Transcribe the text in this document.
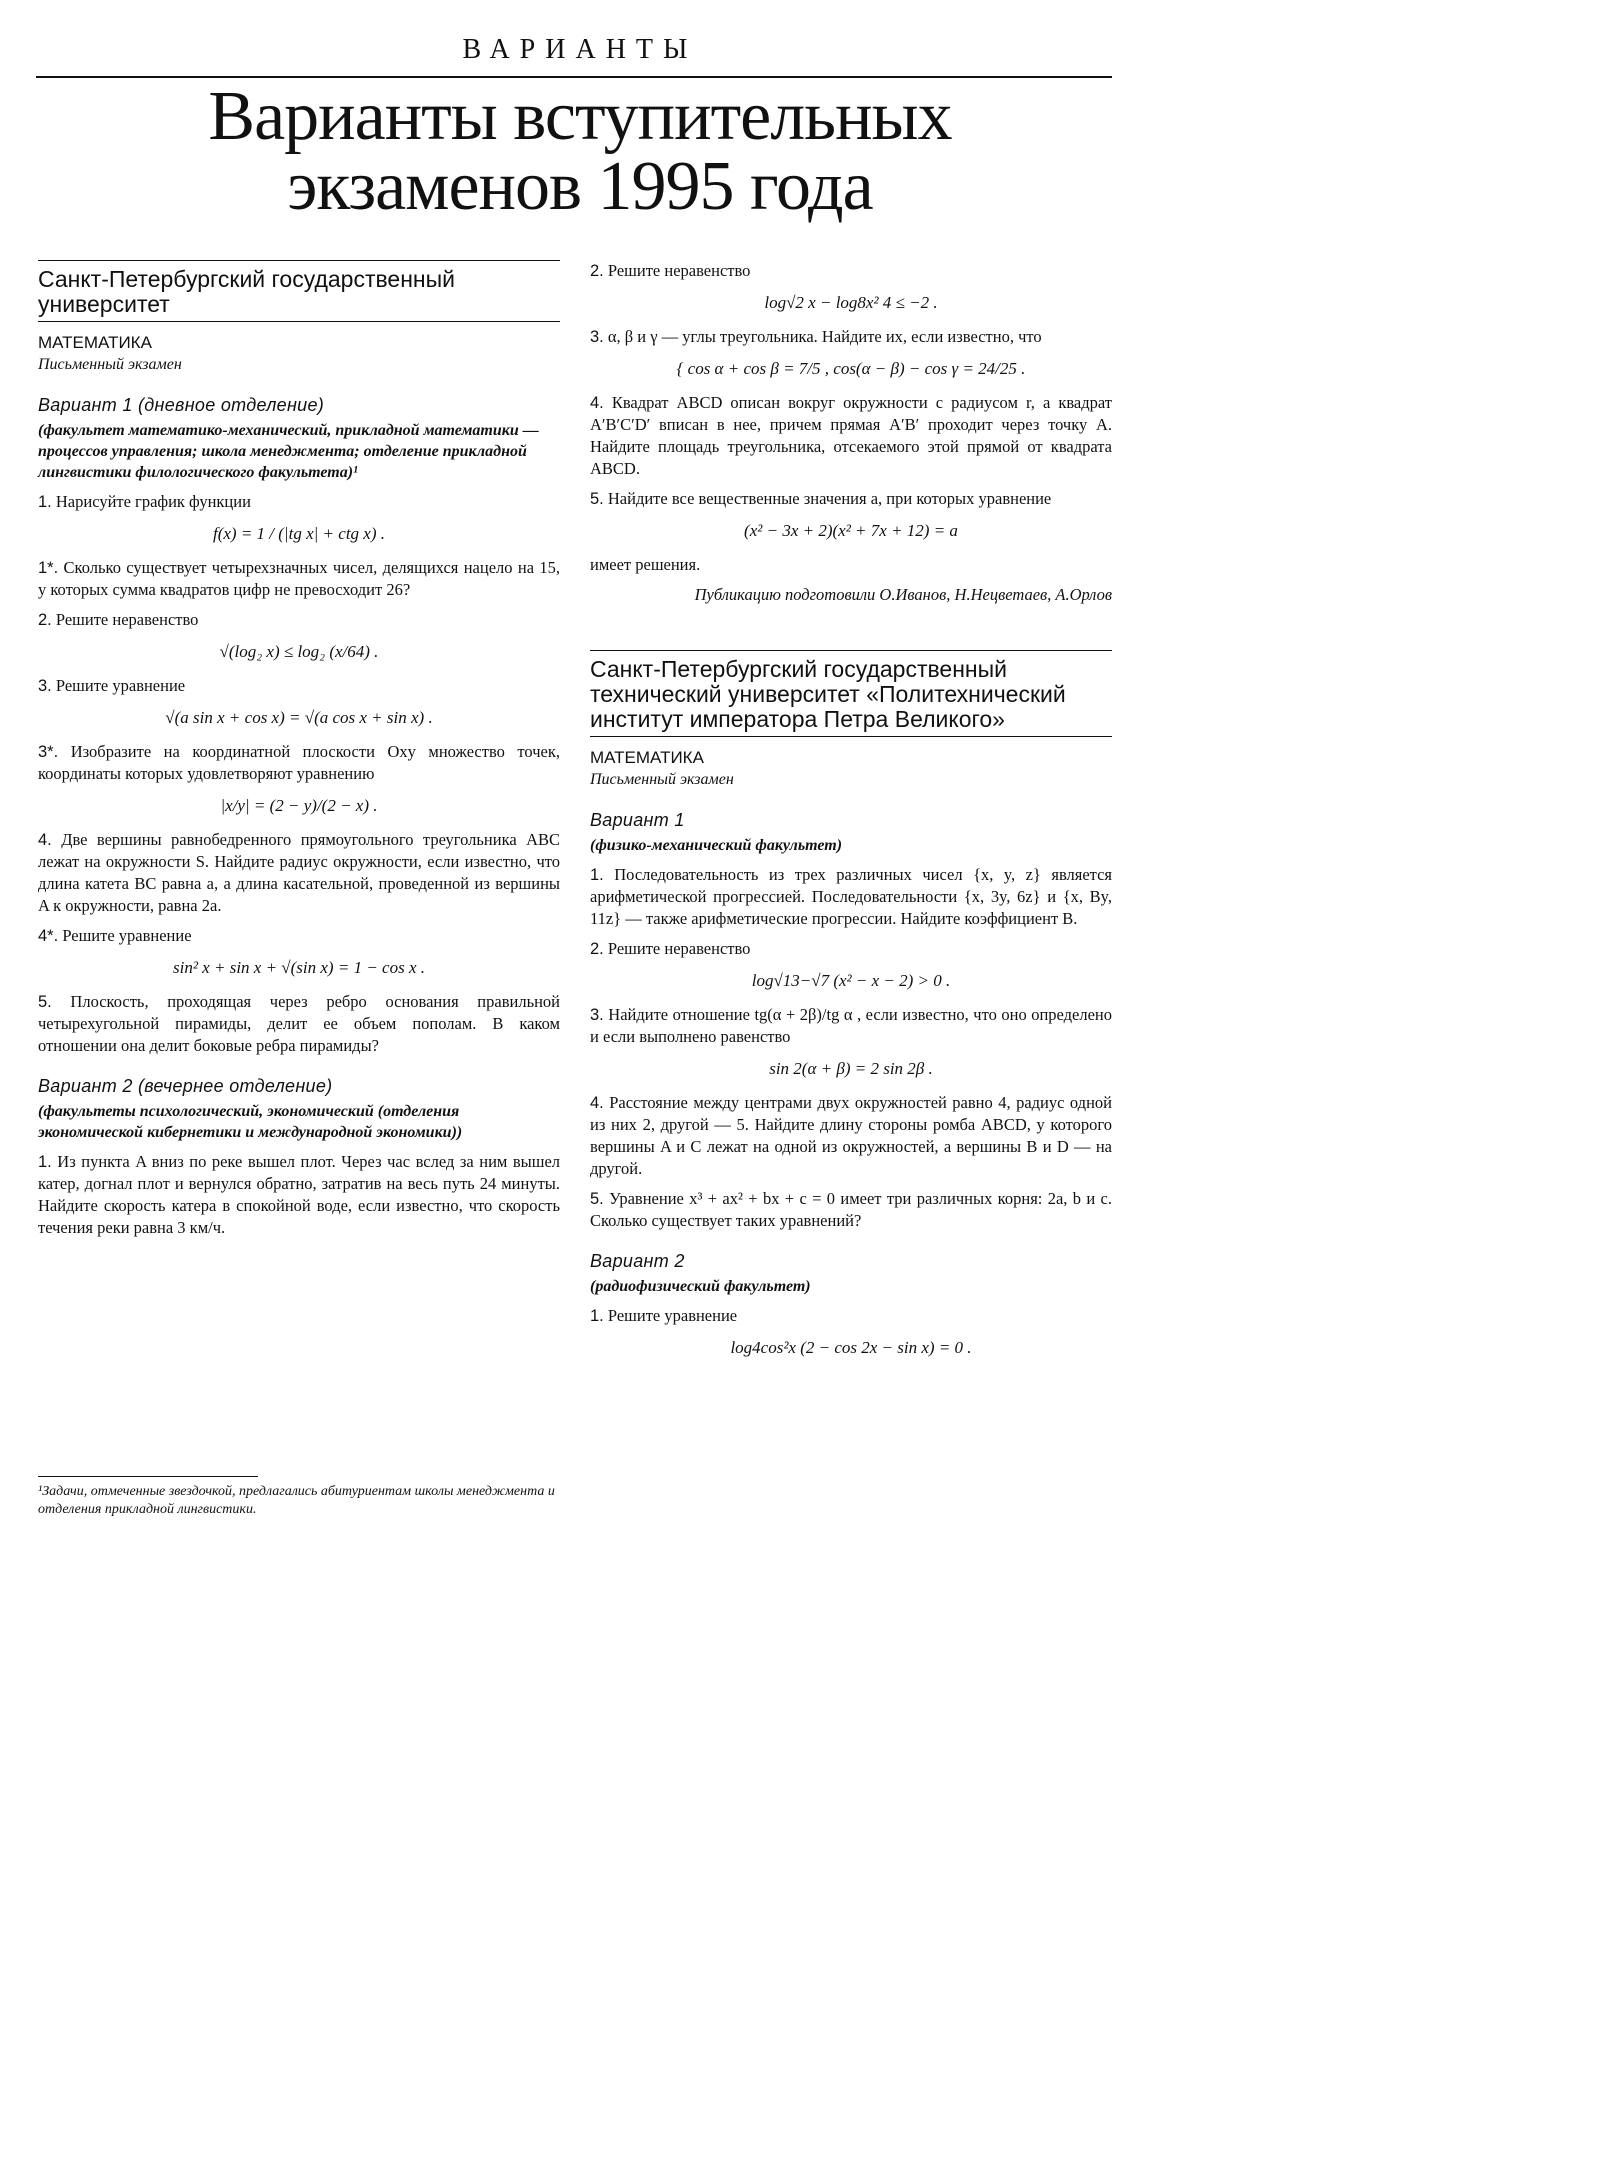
ВАРИАНТЫ
Варианты вступительных экзаменов 1995 года
Санкт-Петербургский государственный университет
МАТЕМАТИКА
Письменный экзамен
Вариант 1 (дневное отделение)
(факультет математико-механический, прикладной математики — процессов управления; школа менеджмента; отделение прикладной лингвистики филологического факультета)¹
1. Нарисуйте график функции
f(x) = 1 / (|tg x| + ctg x) .
1*. Сколько существует четырехзначных чисел, делящихся нацело на 15, у которых сумма квадратов цифр не превосходит 26?
2. Решите неравенство
√(log₂ x) ≤ log₂ (x/64) .
3. Решите уравнение
√(a sin x + cos x) = √(a cos x + sin x) .
3*. Изобразите на координатной плоскости Oxy множество точек, координаты которых удовлетворяют уравнению
|x/y| = (2 − y)/(2 − x) .
4. Две вершины равнобедренного прямоугольного треугольника ABC лежат на окружности S. Найдите радиус окружности, если известно, что длина катета BC равна a, а длина касательной, проведенной из вершины A к окружности, равна 2a.
4*. Решите уравнение
sin² x + sin x + √(sin x) = 1 − cos x .
5. Плоскость, проходящая через ребро основания правильной четырехугольной пирамиды, делит ее объем пополам. В каком отношении она делит боковые ребра пирамиды?
Вариант 2 (вечернее отделение)
(факультеты психологический, экономический (отделения экономической кибернетики и международной экономики))
1. Из пункта A вниз по реке вышел плот. Через час вслед за ним вышел катер, догнал плот и вернулся обратно, затратив на весь путь 24 минуты. Найдите скорость катера в спокойной воде, если известно, что скорость течения реки равна 3 км/ч.
¹Задачи, отмеченные звездочкой, предлагались абитуриентам школы менеджмента и отделения прикладной лингвистики.
2. Решите неравенство
log√2 x − log8x² 4 ≤ −2 .
3. α, β и γ — углы треугольника. Найдите их, если известно, что
{ cos α + cos β = 7/5 , cos(α − β) − cos γ = 24/25 .
4. Квадрат ABCD описан вокруг окружности с радиусом r, а квадрат A′B′C′D′ вписан в нее, причем прямая A′B′ проходит через точку A. Найдите площадь треугольника, отсекаемого этой прямой от квадрата ABCD.
5. Найдите все вещественные значения a, при которых уравнение
(x² − 3x + 2)(x² + 7x + 12) = a
имеет решения.
Публикацию подготовили О.Иванов, Н.Нецветаев, А.Орлов
Санкт-Петербургский государственный технический университет «Политехнический институт императора Петра Великого»
МАТЕМАТИКА
Письменный экзамен
Вариант 1
(физико-механический факультет)
1. Последовательность из трех различных чисел {x, y, z} является арифметической прогрессией. Последовательности {x, 3y, 6z} и {x, By, 11z} — также арифметические прогрессии. Найдите коэффициент B.
2. Решите неравенство
log√13−√7 (x² − x − 2) > 0 .
3. Найдите отношение tg(α + 2β)/tg α , если известно, что оно определено и если выполнено равенство
sin 2(α + β) = 2 sin 2β .
4. Расстояние между центрами двух окружностей равно 4, радиус одной из них 2, другой — 5. Найдите длину стороны ромба ABCD, у которого вершины A и C лежат на одной из окружностей, а вершины B и D — на другой.
5. Уравнение x³ + ax² + bx + c = 0 имеет три различных корня: 2a, b и c. Сколько существует таких уравнений?
Вариант 2
(радиофизический факультет)
1. Решите уравнение
log4cos²x (2 − cos 2x − sin x) = 0 .
